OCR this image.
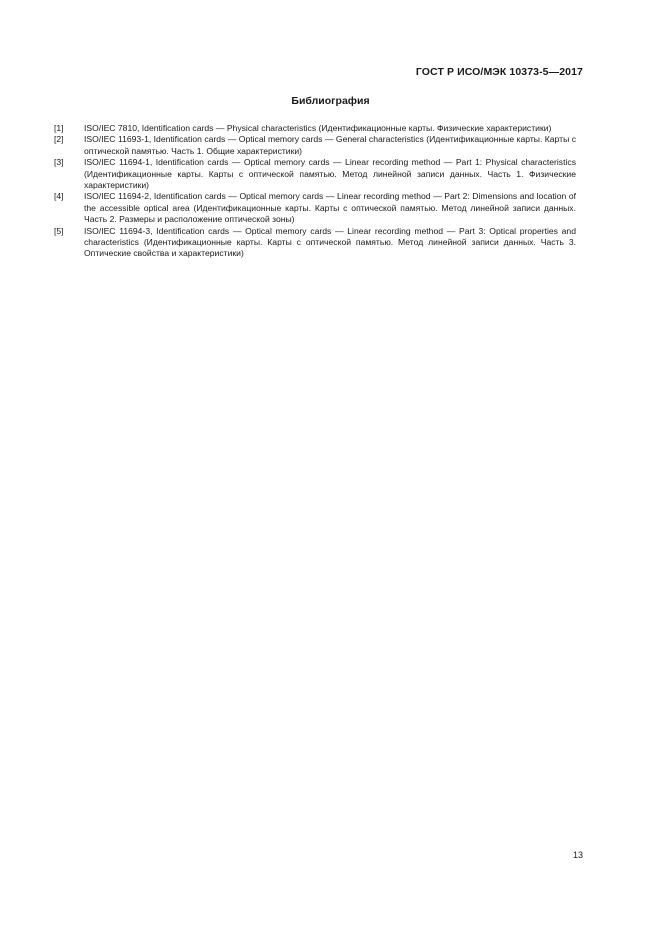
ГОСТ Р ИСО/МЭК 10373-5—2017
Библиография
[1]	ISO/IEC 7810, Identification cards — Physical characteristics (Идентификационные карты. Физические характеристики)
[2]	ISO/IEC 11693-1, Identification cards — Optical memory cards — General characteristics (Идентификационные карты. Карты с оптической памятью. Часть 1. Общие характеристики)
[3]	ISO/IEC 11694-1, Identification cards — Optical memory cards — Linear recording method — Part 1: Physical characteristics (Идентификационные карты. Карты с оптической памятью. Метод линейной записи данных. Часть 1. Физические характеристики)
[4]	ISO/IEC 11694-2, Identification cards — Optical memory cards — Linear recording method — Part 2: Dimensions and location of the accessible optical area (Идентификационные карты. Карты с оптической памятью. Метод линейной записи данных. Часть 2. Размеры и расположение оптической зоны)
[5]	ISO/IEC 11694-3, Identification cards — Optical memory cards — Linear recording method — Part 3: Optical properties and characteristics (Идентификационные карты. Карты с оптической памятью. Метод линейной записи данных. Часть 3. Оптические свойства и характеристики)
13
